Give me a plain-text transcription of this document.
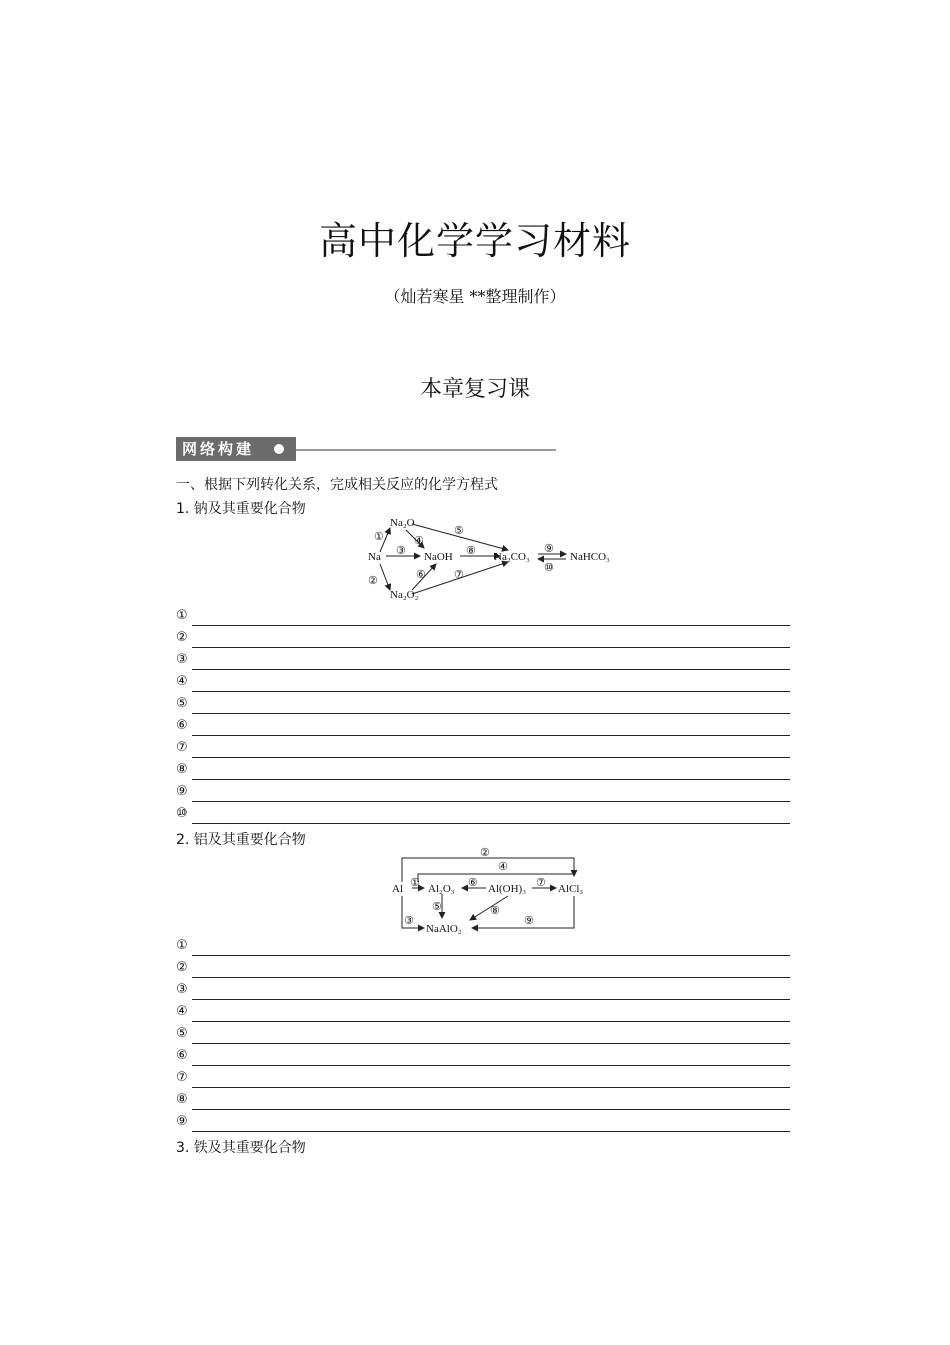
高中化学学习材料
（灿若寒星 **整理制作）
本章复习课
网络构建
一、根据下列转化关系，完成相关反应的化学方程式
1. 钠及其重要化合物
Na
Na₂O
NaOH	Na₂CO₃	NaHCO₃
Na₂O₂
①
②
③
④
⑤
⑥	⑦
⑧	⑨
⑩
①
②
③
④
⑤
⑥
⑦
⑧
⑨
⑩
2. 铝及其重要化合物
Al Al₂O₃	Al(OH)₃	AlCl₃
NaAlO₂
①
②
③
④
⑤
⑥	⑦
⑧
⑨
①
②
③
④
⑤
⑥
⑦
⑧
⑨
3. 铁及其重要化合物
